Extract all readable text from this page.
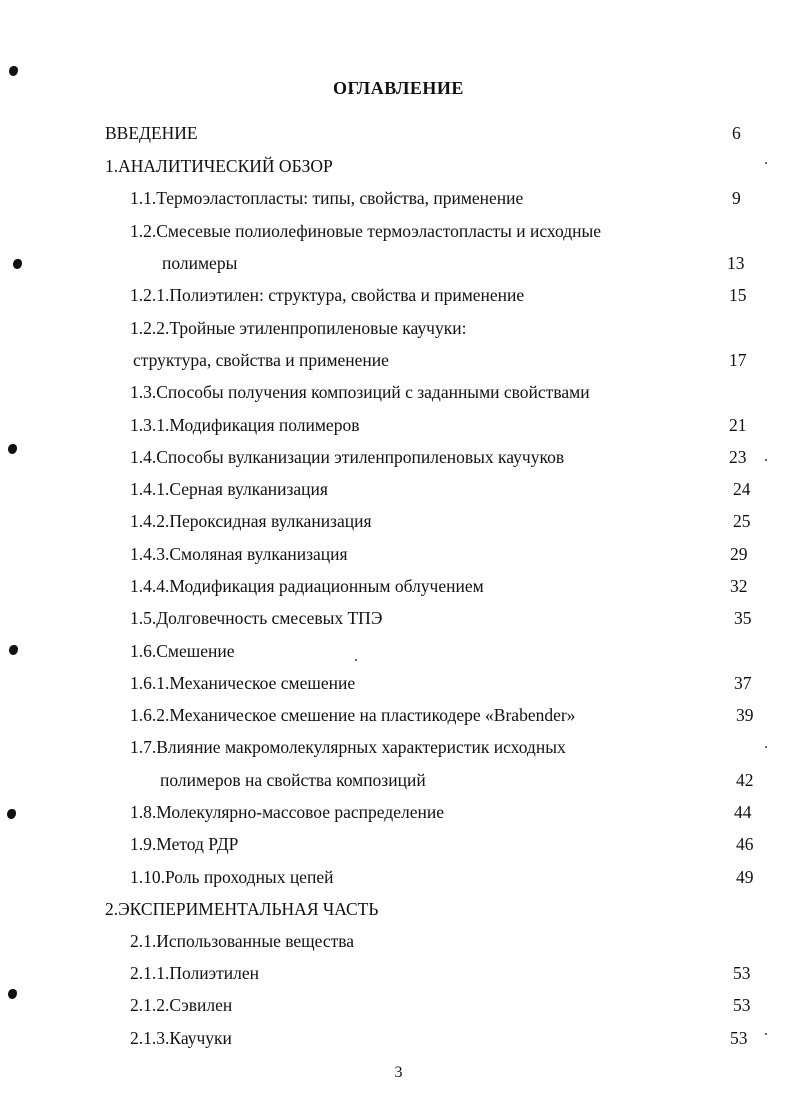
ОГЛАВЛЕНИЕ
ВВЕДЕНИЕ	6
1.АНАЛИТИЧЕСКИЙ ОБЗОР
1.1.Термоэластопласты: типы, свойства, применение	9
1.2.Смесевые полиолефиновые термоэластопласты и исходные
полимеры	13
1.2.1.Полиэтилен: структура, свойства и применение	15
1.2.2.Тройные этиленпропиленовые каучуки:
структура, свойства и применение	17
1.3.Способы получения композиций с заданными свойствами
1.3.1.Модификация полимеров	21
1.4.Способы вулканизации этиленпропиленовых каучуков	23
1.4.1.Серная вулканизация	24
1.4.2.Пероксидная вулканизация	25
1.4.3.Смоляная вулканизация	29
1.4.4.Модификация радиационным облучением	32
1.5.Долговечность смесевых ТПЭ	35
1.6.Смешение
1.6.1.Механическое смешение	37
1.6.2.Механическое смешение на пластикодере «Brabender»	39
1.7.Влияние макромолекулярных характеристик исходных
полимеров на свойства композиций	42
1.8.Молекулярно-массовое распределение	44
1.9.Метод РДР	46
1.10.Роль проходных цепей	49
2.ЭКСПЕРИМЕНТАЛЬНАЯ ЧАСТЬ
2.1.Использованные вещества
2.1.1.Полиэтилен	53
2.1.2.Сэвилен	53
2.1.3.Каучуки	53
3
